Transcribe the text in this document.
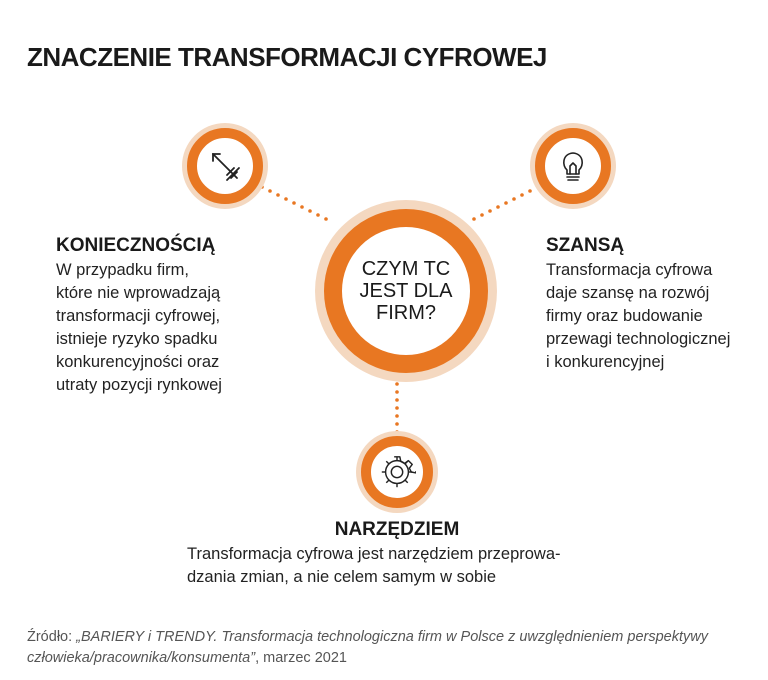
ZNACZENIE TRANSFORMACJI CYFROWEJ
CZYM TC
JEST DLA
FIRM?
KONIECZNOŚCIĄ
W przypadku firm,
które nie wprowadzają
transformacji cyfrowej,
istnieje ryzyko spadku
konkurencyjności oraz
utraty pozycji rynkowej
SZANSĄ
Transformacja cyfrowa
daje szansę na rozwój
firmy oraz budowanie
przewagi technologicznej
i konkurencyjnej
NARZĘDZIEM
Transformacja cyfrowa jest narzędziem przeprowa-
dzania zmian, a nie celem samym w sobie
Źródło: „BARIERY i TRENDY. Transformacja technologiczna firm w Polsce z uwzględnieniem perspektywy człowieka/pracownika/konsumenta”, marzec 2021
